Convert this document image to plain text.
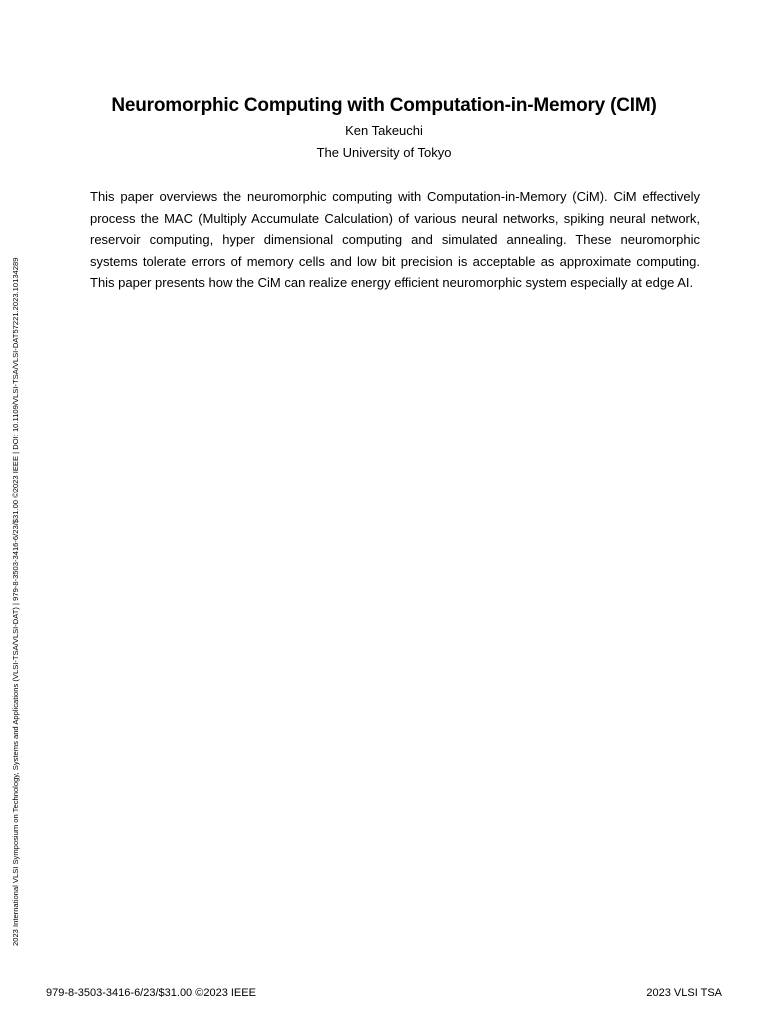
2023 International VLSI Symposium on Technology, Systems and Applications (VLSI-TSA/VLSI-DAT) | 979-8-3503-3416-6/23/$31.00 ©2023 IEEE | DOI: 10.1109/VLSI-TSA/VLSI-DAT57221.2023.10134289
Neuromorphic Computing with Computation-in-Memory (CIM)
Ken Takeuchi
The University of Tokyo

This paper overviews the neuromorphic computing with Computation-in-Memory (CiM). CiM effectively process the MAC (Multiply Accumulate Calculation) of various neural networks, spiking neural network, reservoir computing, hyper dimensional computing and simulated annealing. These neuromorphic systems tolerate errors of memory cells and low bit precision is acceptable as approximate computing. This paper presents how the CiM can realize energy efficient neuromorphic system especially at edge AI.

979-8-3503-3416-6/23/$31.00 ©2023 IEEE	2023 VLSI TSA
